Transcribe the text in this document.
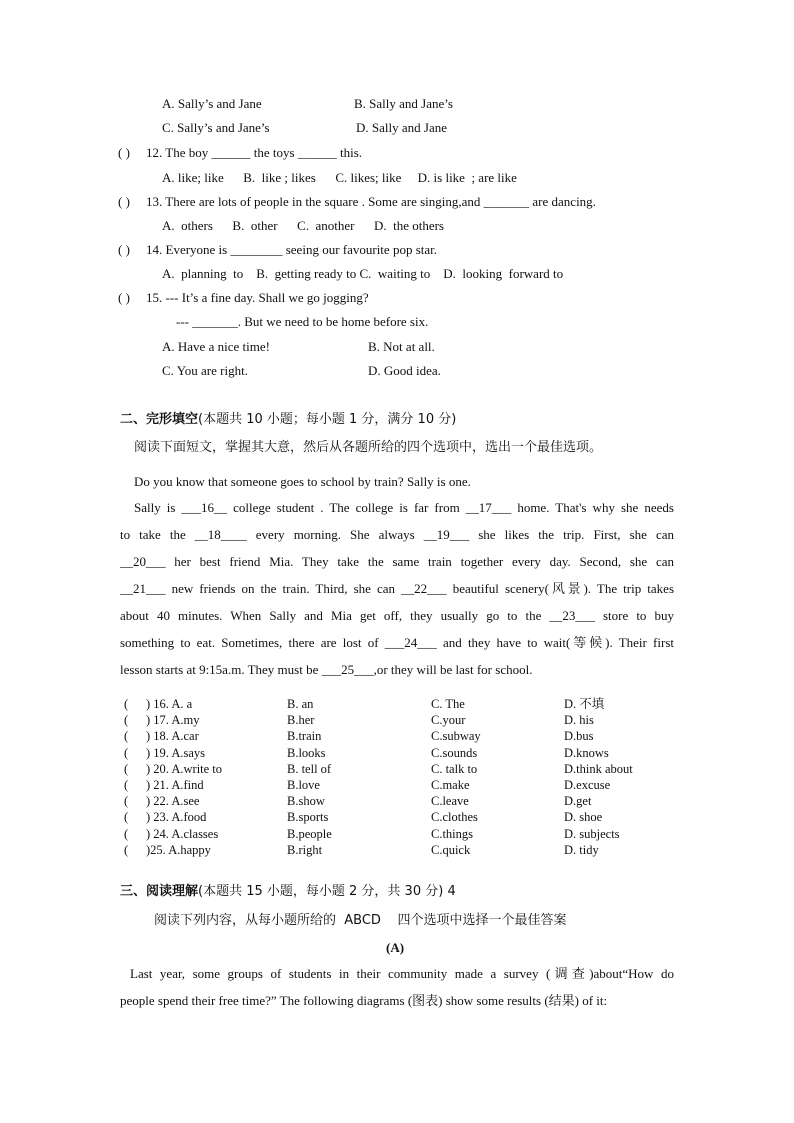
A. Sally’s and Jane	B. Sally and Jane’s
C. Sally’s and Jane’s	D. Sally and Jane
( ) 12. The boy ______ the toys ______ this.
A. like; like      B.  like ; likes      C. likes; like     D. is like  ; are like
( ) 13. There are lots of people in the square . Some are singing,and _______ are dancing.
A.  others      B.  other      C.  another      D.  the others
( ) 14. Everyone is ________ seeing our favourite pop star.
A.  planning  to    B.  getting ready to C.  waiting to    D.  looking  forward to
( ) 15. --- It’s a fine day. Shall we go jogging?
--- _______. But we need to be home before six.
A. Have a nice time!	B. Not at all.
C. You are right.	D. Good idea.
二、完形填空(本题共 10 小题；每小题 1 分，满分 10 分)
阅读下面短文，掌握其大意，然后从各题所给的四个选项中，选出一个最佳选项。
Do you know that someone goes to school by train? Sally is one.
Sally is ___16__ college student . The college is far from __17___ home. That's why she needs
to take the __18____ every morning. She always __19___ she likes the trip. First, she can
__20___ her best friend Mia. They take the same train together every day. Second, she can
__21___ new friends on the train. Third, she can __22___ beautiful scenery(风景). The trip takes
about 40 minutes. When Sally and Mia get off, they usually go to the __23___ store to buy
something to eat. Sometimes, there are lost of ___24___ and they have to wait(等候). Their first
lesson starts at 9:15a.m. They must be ___25___,or they will be last for school.
(	) 16. A. a	B. an	C. The	D. 不填
(	) 17. A.my	B.her	C.your	D. his
(	) 18. A.car	B.train	C.subway	D.bus
(	) 19. A.says	B.looks	C.sounds	D.knows
(	) 20. A.write to	B. tell of	C. talk to	D.think about
(	) 21. A.find	B.love	C.make	D.excuse
(	) 22. A.see	B.show	C.leave	D.get
(	) 23. A.food	B.sports	C.clothes	D. shoe
(	) 24. A.classes	B.people	C.things	D. subjects
(	)25. A.happy	B.right	C.quick	D. tidy
三、阅读理解(本题共 15 小题，每小题 2 分，共 30 分) 4
阅读下列内容，从每小题所给的  ABCD    四个选项中选择一个最佳答案
(A)
Last year, some groups of students in their community made a survey (调查)about“How do
people spend their free time?” The following diagrams (图表) show some results (结果) of it:
